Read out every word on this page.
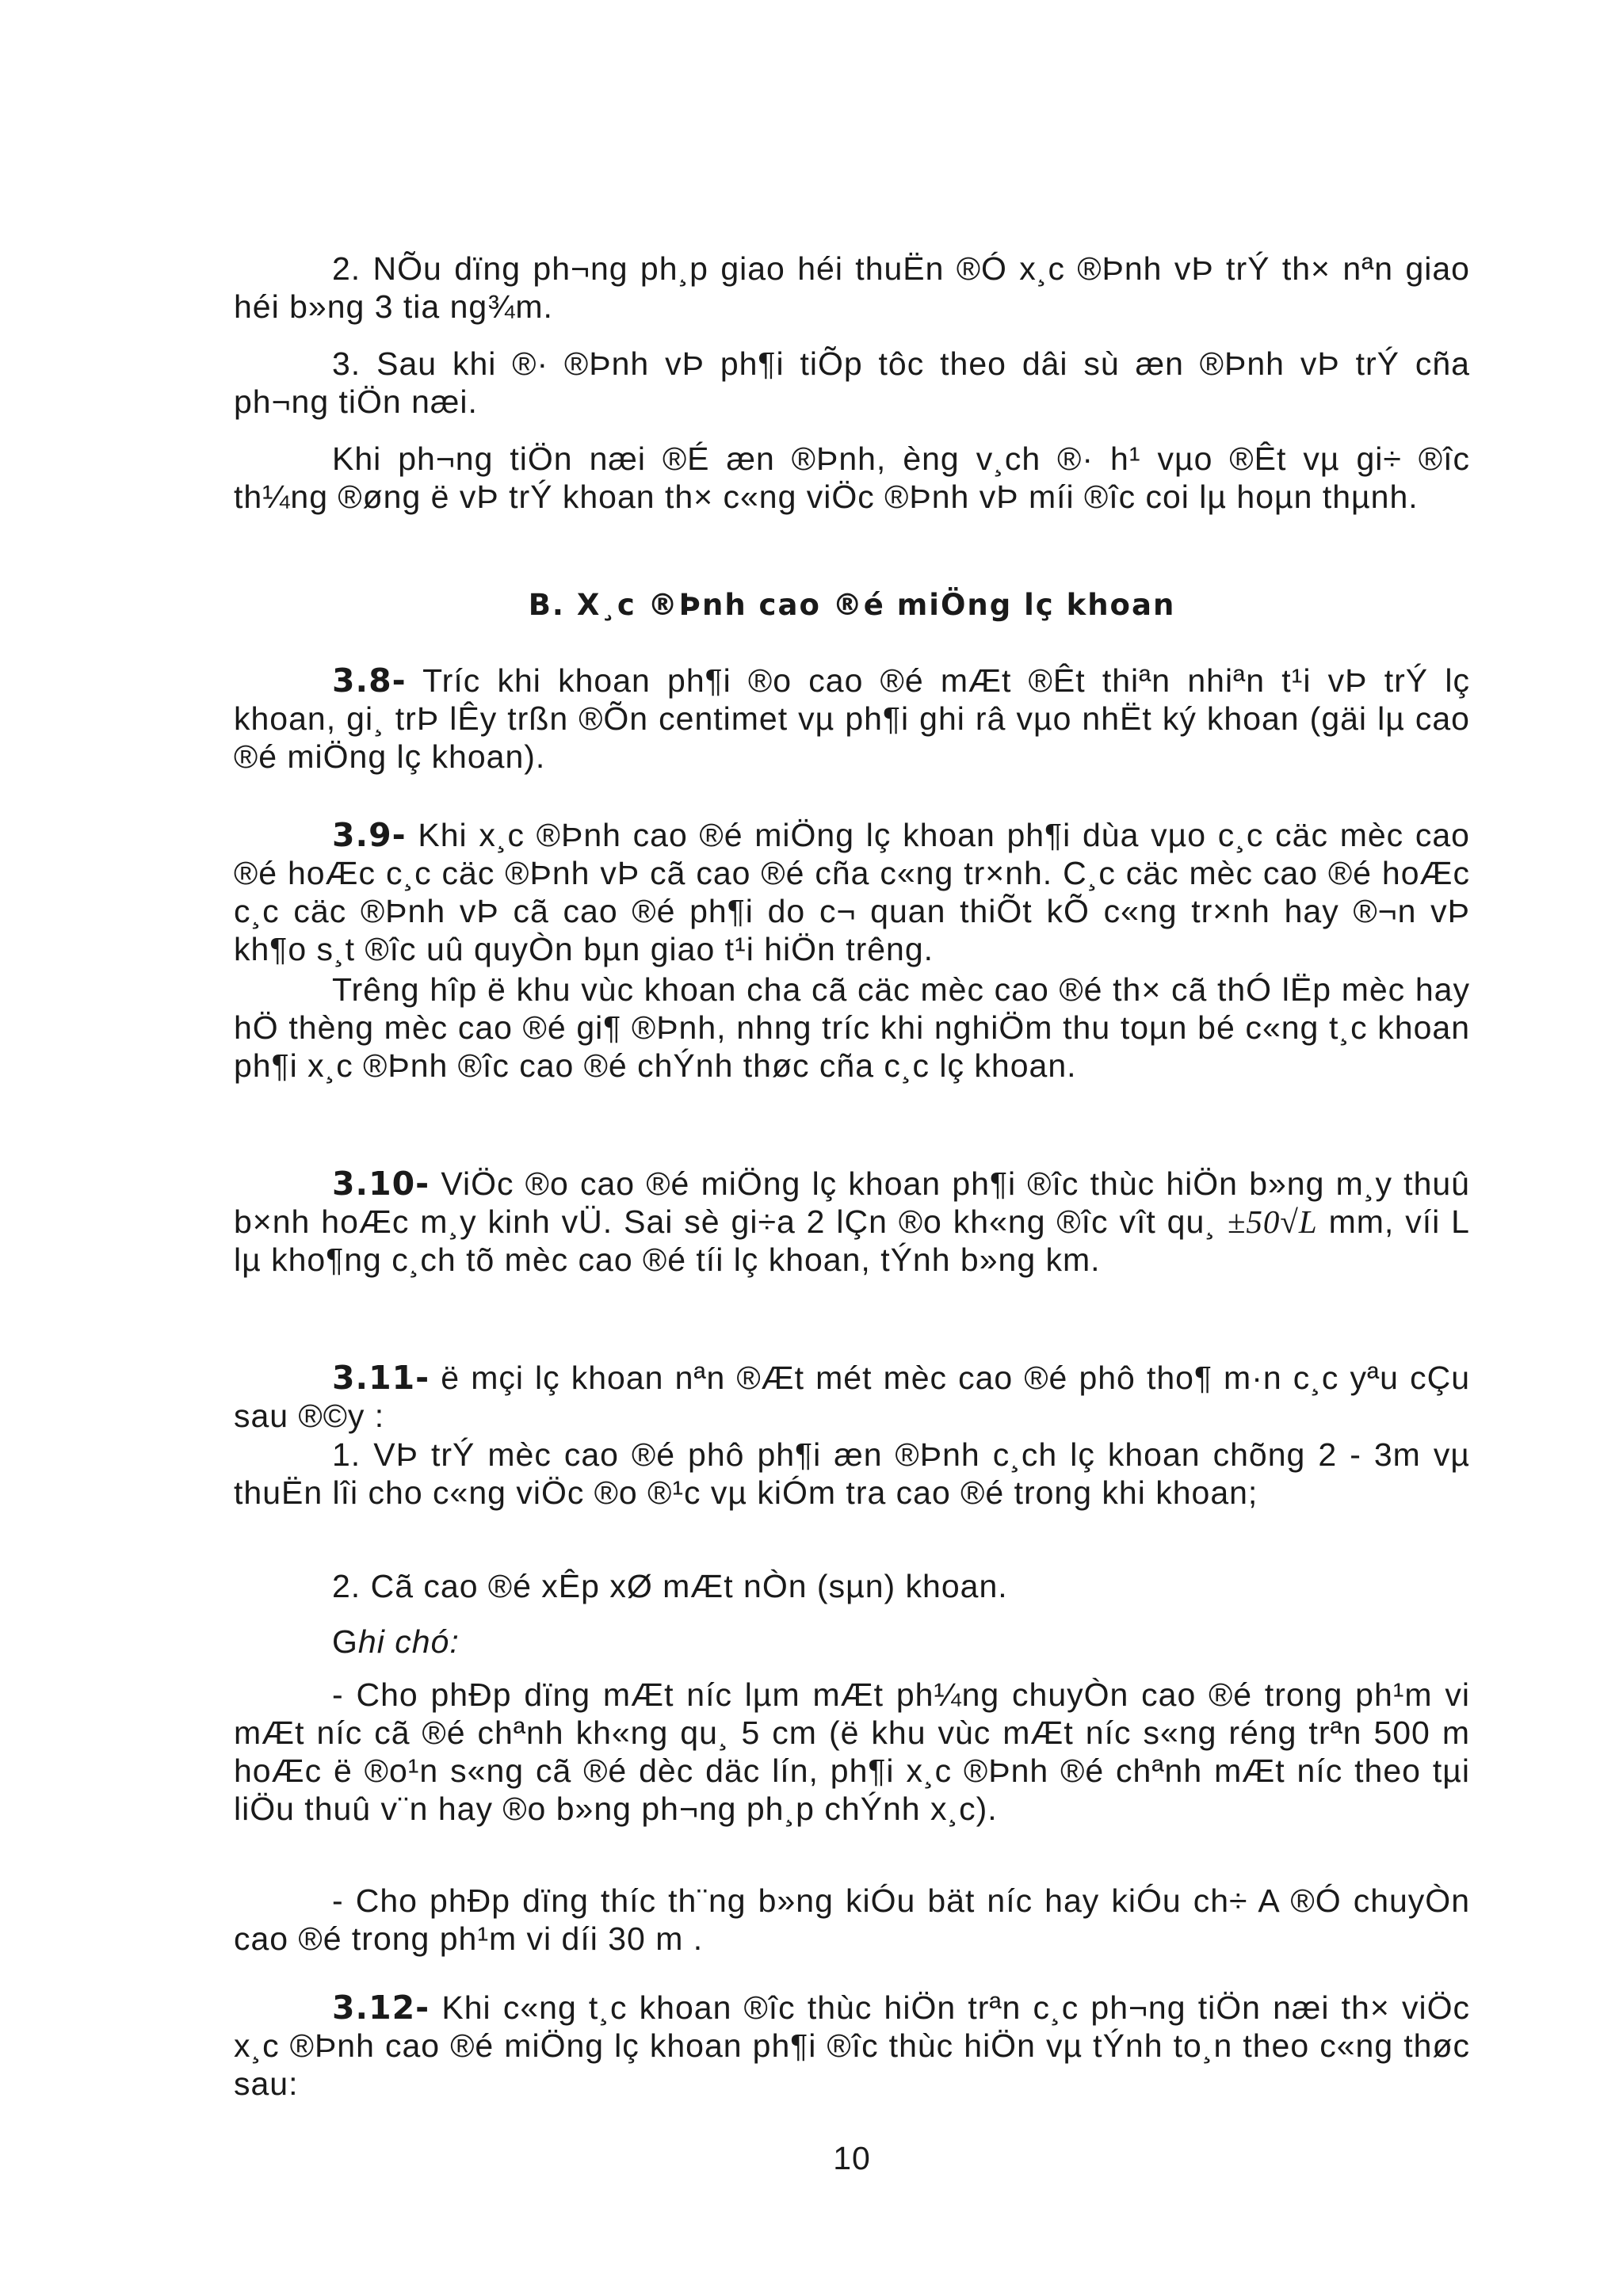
2. NÕu dïng ph¬ng ph¸p giao héi thuËn ®Ó x¸c ®Þnh vÞ trÝ th× nªn giao héi b»ng 3 tia ng¾m.

3. Sau khi ®· ®Þnh vÞ ph¶i tiÕp tôc theo dâi sù æn ®Þnh vÞ trÝ cña ph¬ng tiÖn næi.

Khi ph¬ng tiÖn næi ®É æn ®Þnh, èng v¸ch ®· h¹ vµo ®Êt vµ gi÷ ®îc th¼ng ®øng ë vÞ trÝ khoan th× c«ng viÖc ®Þnh vÞ míi ®îc coi lµ hoµn thµnh.

B. X¸c ®Þnh cao ®é miÖng lç khoan

3.8- Tríc khi khoan ph¶i ®o cao ®é mÆt ®Êt thiªn nhiªn t¹i vÞ trÝ lç khoan, gi¸ trÞ lÊy trßn ®Õn centimet vµ ph¶i ghi râ vµo nhËt ký khoan (gäi lµ cao ®é miÖng lç khoan).

3.9- Khi x¸c ®Þnh cao ®é miÖng lç khoan ph¶i dùa vµo c¸c cäc mèc cao ®é hoÆc c¸c cäc ®Þnh vÞ cã cao ®é cña c«ng tr×nh. C¸c cäc mèc cao ®é hoÆc c¸c cäc ®Þnh vÞ cã cao ®é ph¶i do c¬ quan thiÕt kÕ c«ng tr×nh hay ®¬n vÞ kh¶o s¸t ®îc uû quyÒn bµn giao t¹i hiÖn trêng.

Trêng hîp ë khu vùc khoan cha cã cäc mèc cao ®é th× cã thÓ lËp mèc hay hÖ thèng mèc cao ®é gi¶ ®Þnh, nhng tríc khi nghiÖm thu toµn bé c«ng t¸c khoan ph¶i x¸c ®Þnh ®îc cao ®é chÝnh thøc cña c¸c lç khoan.

3.10- ViÖc ®o cao ®é miÖng lç khoan ph¶i ®îc thùc hiÖn b»ng m¸y thuû b×nh hoÆc m¸y kinh vÜ. Sai sè gi÷a 2 lÇn ®o kh«ng ®îc vît qu¸ ±50√L mm, víi L lµ kho¶ng c¸ch tõ mèc cao ®é tíi lç khoan, tÝnh b»ng km.

3.11- ë mçi lç khoan nªn ®Æt mét mèc cao ®é phô tho¶ m·n c¸c yªu cÇu sau ®©y :

1. VÞ trÝ mèc cao ®é phô ph¶i æn ®Þnh c¸ch lç khoan chõng 2 - 3m vµ thuËn lîi cho c«ng viÖc ®o ®¹c vµ kiÓm tra cao ®é trong khi khoan;

2. Cã cao ®é xÊp xØ mÆt nÒn (sµn) khoan.

Ghi chó:

- Cho phÐp dïng mÆt níc lµm mÆt ph¼ng chuyÒn cao ®é trong ph¹m vi mÆt níc cã ®é chªnh kh«ng qu¸ 5 cm (ë khu vùc mÆt níc s«ng réng trªn 500 m hoÆc ë ®o¹n s«ng cã ®é dèc däc lín, ph¶i x¸c ®Þnh ®é chªnh mÆt níc theo tµi liÖu thuû v¨n hay ®o b»ng ph¬ng ph¸p chÝnh x¸c).

- Cho phÐp dïng thíc th¨ng b»ng kiÓu bät níc hay kiÓu ch÷ A ®Ó chuyÒn cao ®é trong ph¹m vi díi 30 m .

3.12- Khi c«ng t¸c khoan ®îc thùc hiÖn trªn c¸c ph¬ng tiÖn næi th× viÖc x¸c ®Þnh cao ®é miÖng lç khoan ph¶i ®îc thùc hiÖn vµ tÝnh to¸n theo c«ng thøc sau:

10
